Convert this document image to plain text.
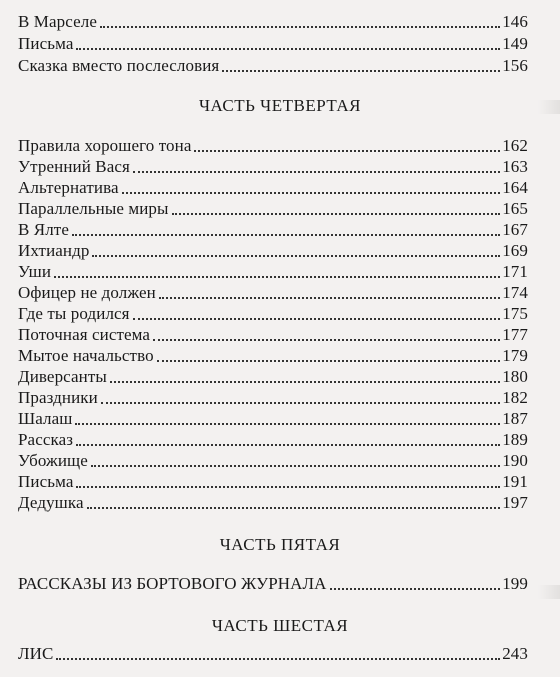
В Марселе	146
Письма	149
Сказка вместо послесловия	156
ЧАСТЬ ЧЕТВЕРТАЯ
Правила хорошего тона	162
Утренний Вася	163
Альтернатива	164
Параллельные миры	165
В Ялте	167
Ихтиандр	169
Уши	171
Офицер не должен	174
Где ты родился	175
Поточная система	177
Мытое начальство	179
Диверсанты	180
Праздники	182
Шалаш	187
Рассказ	189
Убожище	190
Письма	191
Дедушка	197
ЧАСТЬ ПЯТАЯ
РАССКАЗЫ ИЗ БОРТОВОГО ЖУРНАЛА	199
ЧАСТЬ ШЕСТАЯ
ЛИС	243
